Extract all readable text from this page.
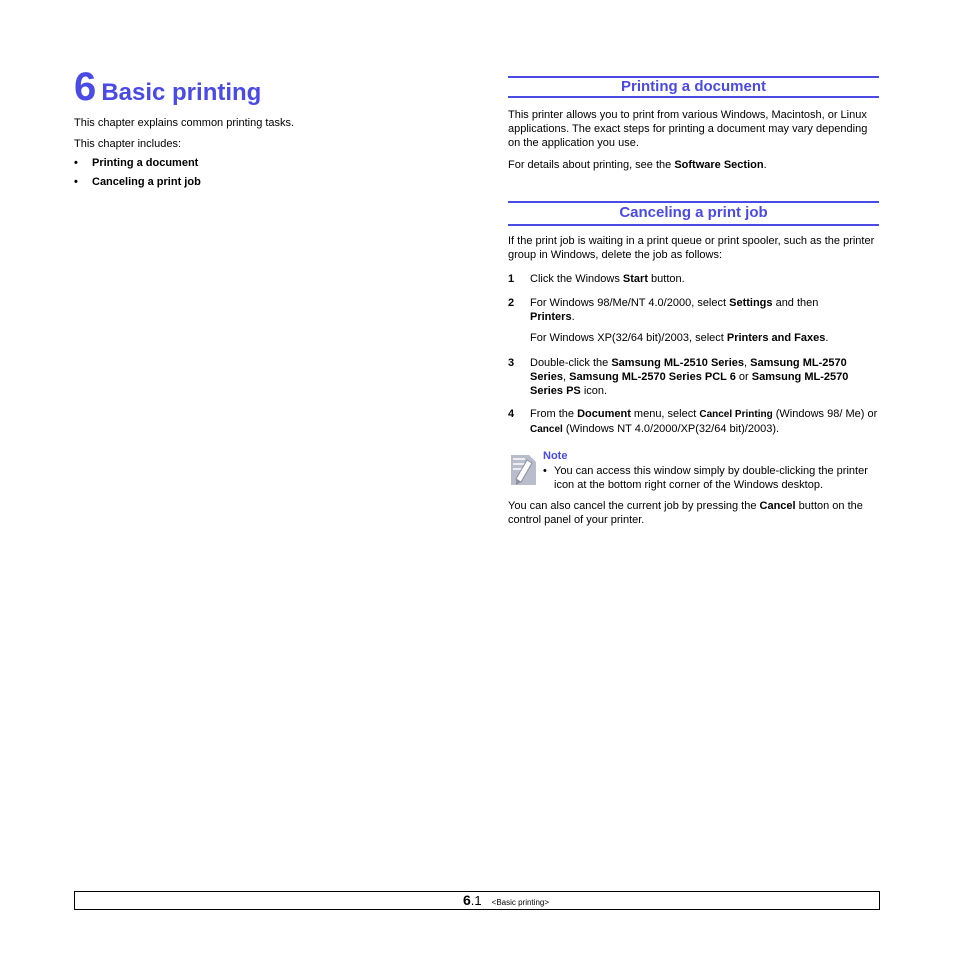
6 Basic printing

This chapter explains common printing tasks.

This chapter includes:

•	Printing a document
•	Canceling a print job
Printing a document

This printer allows you to print from various Windows, Macintosh, or Linux applications. The exact steps for printing a document may vary depending on the application you use.

For details about printing, see the Software Section.

Canceling a print job

If the print job is waiting in a print queue or print spooler, such as the printer group in Windows, delete the job as follows:

1	Click the Windows Start button.
2	For Windows 98/Me/NT 4.0/2000, select Settings and then
Printers.

For Windows XP(32/64 bit)/2003, select Printers and Faxes.

3	Double-click the Samsung ML-2510 Series, Samsung ML-2570 Series, Samsung ML-2570 Series PCL 6 or Samsung ML-2570 Series PS icon.
4	From the Document menu, select Cancel Printing (Windows 98/ Me) or Cancel (Windows NT 4.0/2000/XP(32/64 bit)/2003).

Note

• You can access this window simply by double-clicking the printer icon at the bottom right corner of the Windows desktop.

You can also cancel the current job by pressing the Cancel button on the control panel of your printer.

6.1 <Basic printing>
